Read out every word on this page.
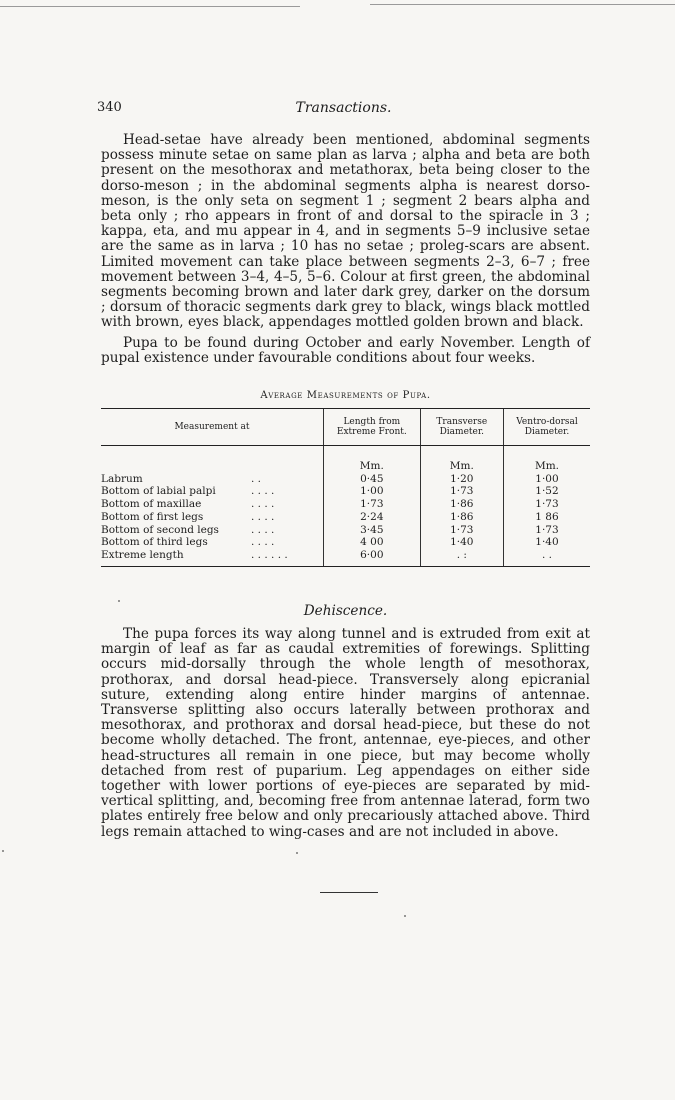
340	Transactions.

Head-setae have already been mentioned, abdominal segments possess minute setae on same plan as larva ; alpha and beta are both present on the mesothorax and metathorax, beta being closer to the dorso-meson ; in the abdominal segments alpha is nearest dorso-meson, is the only seta on segment 1 ; segment 2 bears alpha and beta only ; rho appears in front of and dorsal to the spiracle in 3 ; kappa, eta, and mu appear in 4, and in segments 5–9 inclusive setae are the same as in larva ; 10 has no setae ; proleg-scars are absent. Limited movement can take place between segments 2–3, 6–7 ; free movement between 3–4, 4–5, 5–6. Colour at first green, the abdominal segments becoming brown and later dark grey, darker on the dorsum ; dorsum of thoracic segments dark grey to black, wings black mottled with brown, eyes black, appendages mottled golden brown and black.

Pupa to be found during October and early November. Length of pupal existence under favourable conditions about four weeks.

Average Measurements of Pupa.
Measurement at	Length from Extreme Front.	Transverse Diameter.	Ventro-dorsal Diameter.
	Mm.	Mm.	Mm.
Labrum . .	0·45	1·20	1·00
Bottom of labial palpi . . . .	1·00	1·73	1·52
Bottom of maxillae . . . .	1·73	1·86	1·73
Bottom of first legs . . . .	2·24	1·86	1 86
Bottom of second legs . . . .	3·45	1·73	1·73
Bottom of third legs . . . .	4 00	1·40	1·40
Extreme length . . . . . .	6·00	. :	. .
Dehiscence.

The pupa forces its way along tunnel and is extruded from exit at margin of leaf as far as caudal extremities of forewings. Splitting occurs mid-dorsally through the whole length of mesothorax, prothorax, and dorsal head-piece. Transversely along epicranial suture, extending along entire hinder margins of antennae. Transverse splitting also occurs laterally between prothorax and mesothorax, and prothorax and dorsal head-piece, but these do not become wholly detached. The front, antennae, eye-pieces, and other head-structures all remain in one piece, but may become wholly detached from rest of puparium. Leg appendages on either side together with lower portions of eye-pieces are separated by mid-vertical splitting, and, becoming free from antennae laterad, form two plates entirely free below and only precariously attached above. Third legs remain attached to wing-cases and are not included in above.
